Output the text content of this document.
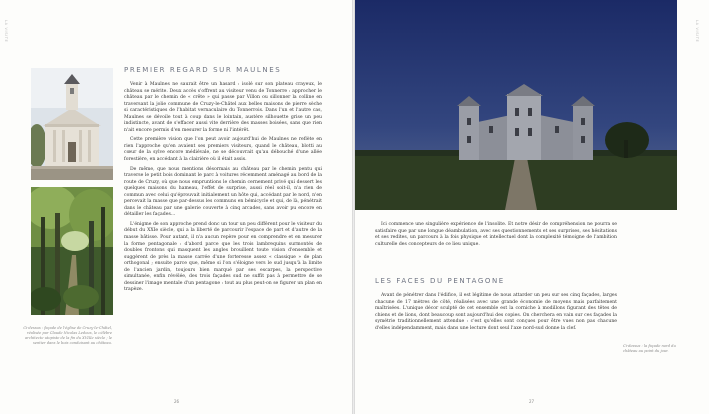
LA VISITE
Ci-dessus : façade de l'église de Cruzy-le-Châtel, réalisée par Claude Nicolas Ledoux, le célèbre architecte utopiste de la fin du XVIIIe siècle ; le sentier dans le bois conduisant au château.
PREMIER REGARD SUR MAULNES

Venir à Maulnes ne saurait être un hasard : isolé sur son plateau crayeux, le château se mérite. Deux accès s'offrent au visiteur venu de Tonnerre : approcher le château par le chemin de « crête » qui passe par Villon ou sillonner la colline en traversant la jolie commune de Cruzy-le-Châtel aux belles maisons de pierre sèche si caractéristiques de l'habitat vernaculaire du Tonnerrois. Dans l'un et l'autre cas, Maulnes se dévoile tout à coup dans le lointain, austère silhouette grise un peu indistincte, avant de s'effacer aussi vite derrière des masses boisées, sans que rien n'ait encore permis d'en mesurer la forme ni l'intérêt.

Cette première vision que l'on peut avoir aujourd'hui de Maulnes ne reflète en rien l'approche qu'en avaient ses premiers visiteurs, quand le château, blotti au cœur de la sylve encore médiévale, ne se découvrait qu'au débouché d'une allée forestière, en accédant à la clairière où il était assis.

De même, que nous mentions désormais au château par le chemin pentu qui traverse le petit bois dominant le parc à voitures récemment aménagé au bord de la route de Cruzy, où que nous empruntions le chemin cernement privé qui dessert les quelques maisons du hameau, l'effet de surprise, aussi réel soit-il, n'a rien de commun avec celui qu'éprouvait initialement un hôte qui, accédant par le nord, n'en percevait la masse que par-dessus les communs en bémicycle et qui, de là, pénétrait dans le château par une galerie couverte à cinq arcades, sans avoir pu encore en détailler les façades…

L'énigme de son approche prend donc un tour un peu différent pour le visiteur du début du XXIe siècle, qui a la liberté de parcourir l'espace de part et d'autre de la masse bâtisse. Pour autant, il n'a aucun repère pour en comprendre et en mesurer la forme pentagonale : d'abord parce que les trois lambrequins surmontés de doubles frontons qui masquent les angles brouillent toute vision d'ensemble et suggèrent de près la masse carrée d'une forteresse assez « classique » de plan orthogonal ; ensuite parce que, même si l'on s'éloigne vers le sud jusqu'à la limite de l'ancien jardin, toujours bien marqué par ses escarpes, la perspective simultanée, enfin révélée, des trois façades sud ne suffit pas à permettre de se dessiner l'image mentale d'un pentagone : tout au plus peut-on se figurer un plan en trapèze.

26
LA VISITE

Ici commence une singulière expérience de l'insolite. Et notre désir de compréhension ne pourra se satisfaire que par une longue déambulation, avec ses questionnements et ses surprises, ses hésitations et ses redites, un parcours à la fois physique et intellectuel dont la complexité témoigne de l'ambition culturelle des concepteurs de ce lieu unique.

LES FACES DU PENTAGONE

Avant de pénétrer dans l'édifice, il est légitime de nous attarder un peu sur ses cinq façades, larges chacune de 17 mètres de côté, réalisées avec une grande économie de moyens mais parfaitement maîtrisées. L'unique décor sculpté de cet ensemble est la corniche à modillons figurant des têtes de chiens et de lions, dont beaucoup sont aujourd'hui des copies. On cherchera en vain sur ces façades la symétrie traditionnellement attendue : c'est qu'elles sont conçues pour être vues non pas chacune d'elles indépendamment, mais dans une lecture dont seul l'axe nord-sud donne la clef.

Ci-dessus : la façade nord du château au point du jour.
27
